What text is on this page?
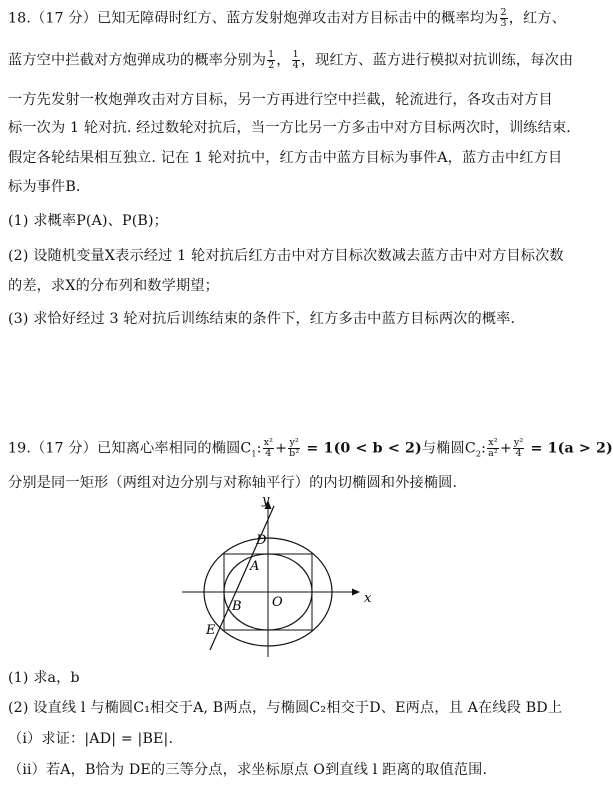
18.（17 分）已知无障碍时红方、蓝方发射炮弹攻击对方目标击中的概率均为 $\frac{2}{3}$ ，红方、
蓝方空中拦截对方炮弹成功的概率分别为 $\frac{1}{2}$ ， $\frac{1}{4}$ ，现红方、蓝方进行模拟对抗训练，每次由
一方先发射一枚炮弹攻击对方目标，另一方再进行空中拦截，轮流进行，各攻击对方目
标一次为 1 轮对抗. 经过数轮对抗后，当一方比另一方多击中对方目标两次时，训练结束.
假定各轮结果相互独立. 记在 1 轮对抗中，红方击中蓝方目标为事件A，蓝方击中红方目
标为事件B.
(1) 求概率P(A)、P(B)；
(2) 设随机变量X表示经过 1 轮对抗后红方击中对方目标次数减去蓝方击中对方目标次数
的差，求X的分布列和数学期望；
(3) 求恰好经过 3 轮对抗后训练结束的条件下，红方多击中蓝方目标两次的概率.
19.（17 分）已知离心率相同的椭圆$C_1$: $\frac{\text{x²}}{4} + \frac{\text{y²}}{\text{b²}} = 1(0 < b < 2)$与椭圆$C_2$: $\frac{\text{x²}}{\text{a²}} + \frac{\text{y²}}{4} = 1(a > 2)$
分别是同一矩形（两组对边分别与对称轴平行）的内切椭圆和外接椭圆.
x
y
O
D
A
B
E
(1) 求a，b
(2) 设直线 l 与椭圆C₁相交于A, B两点，与椭圆C₂相交于D、E两点，且 A在线段 BD上
（ⅰ）求证：|AD| = |BE|.
（ⅱ）若A，B恰为 DE的三等分点，求坐标原点 O到直线 l 距离的取值范围.
